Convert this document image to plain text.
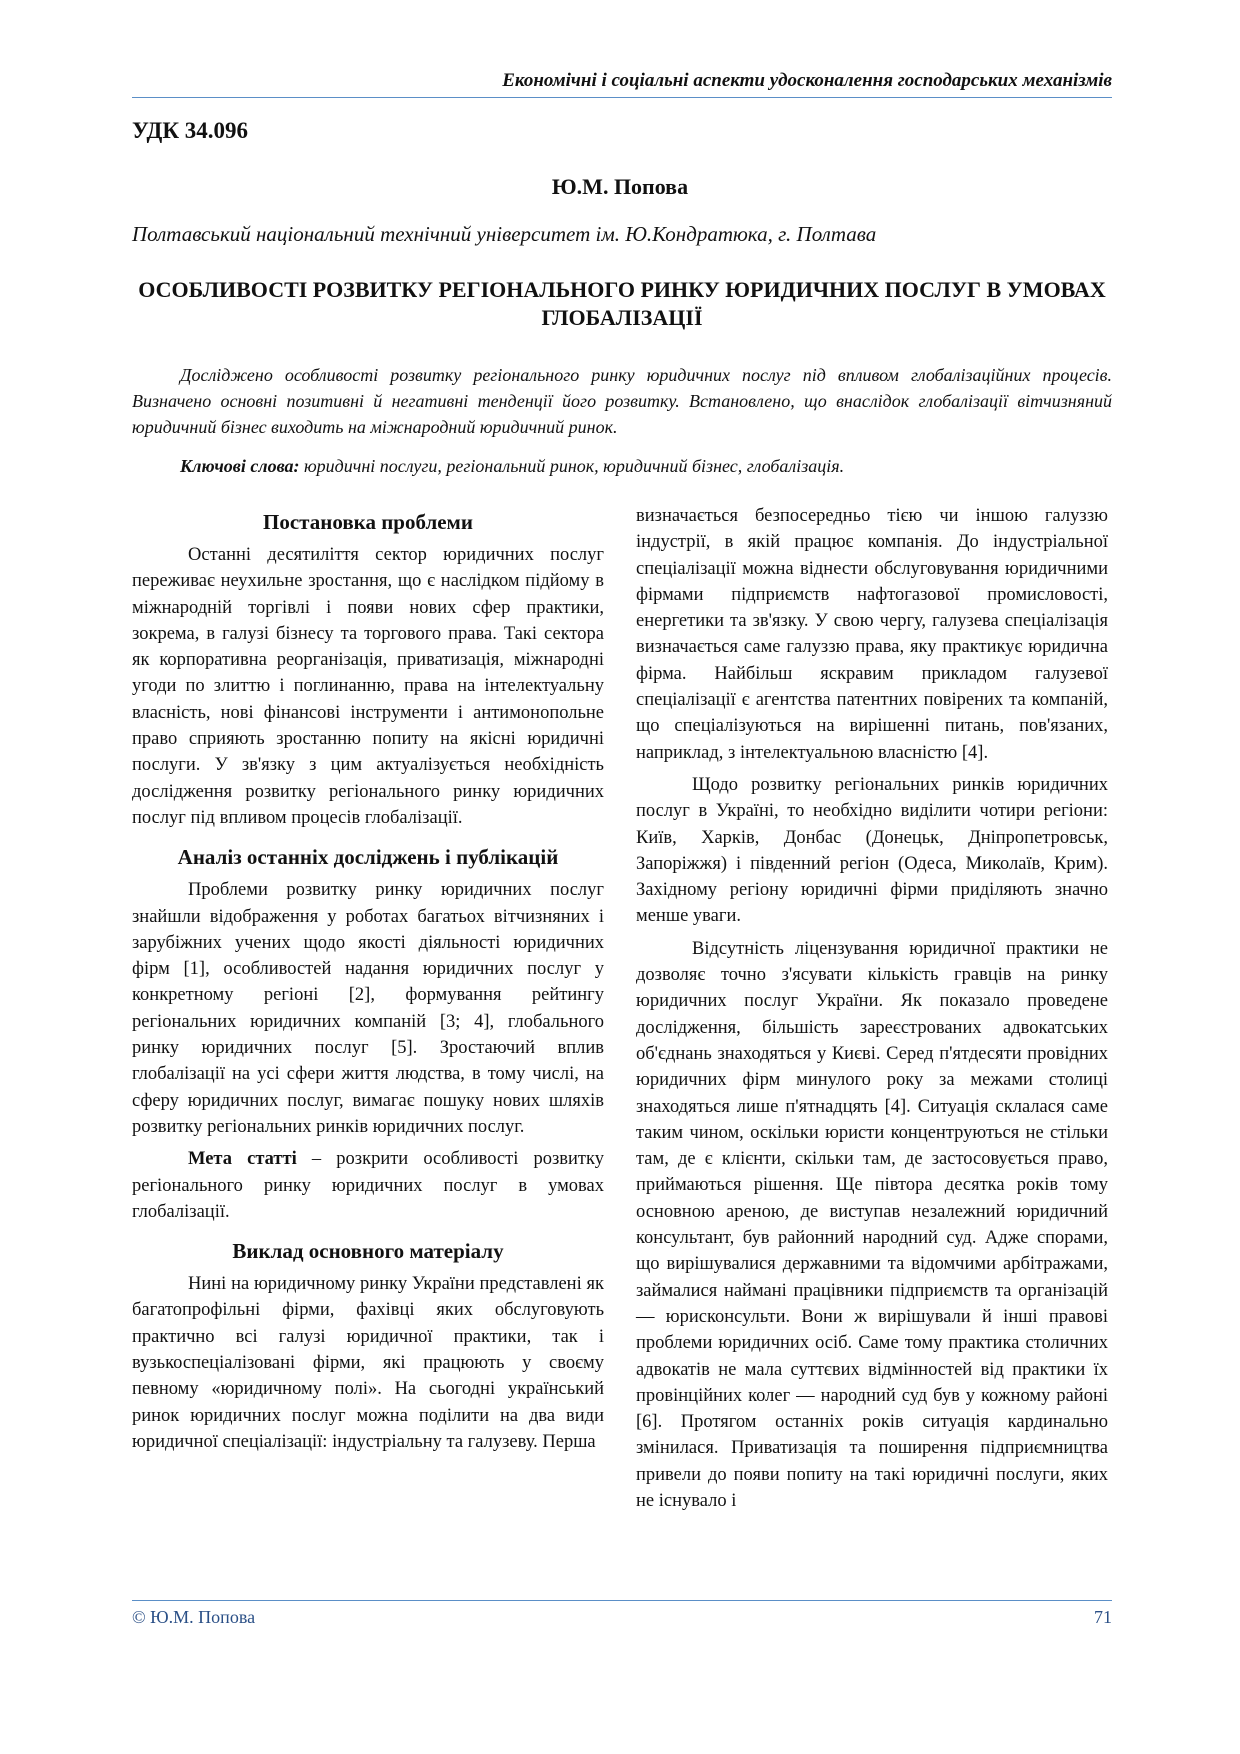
Економічні і соціальні аспекти удосконалення господарських механізмів
УДК 34.096
Ю.М. Попова
Полтавський національний технічний університет ім. Ю.Кондратюка, г. Полтава
ОСОБЛИВОСТІ РОЗВИТКУ РЕГІОНАЛЬНОГО РИНКУ ЮРИДИЧНИХ ПОСЛУГ В УМОВАХ ГЛОБАЛІЗАЦІЇ
Досліджено особливості розвитку регіонального ринку юридичних послуг під впливом глобалізаційних процесів. Визначено основні позитивні й негативні тенденції його розвитку. Встановлено, що внаслідок глобалізації вітчизняний юридичний бізнес виходить на міжнародний юридичний ринок.
Ключові слова: юридичні послуги, регіональний ринок, юридичний бізнес, глобалізація.
Постановка проблеми

Останні десятиліття сектор юридичних послуг переживає неухильне зростання, що є наслідком підйому в міжнародній торгівлі і появи нових сфер практики, зокрема, в галузі бізнесу та торгового права. Такі сектора як корпоративна реорганізація, приватизація, міжнародні угоди по злиттю і поглинанню, права на інтелектуальну власність, нові фінансові інструменти і антимонопольне право сприяють зростанню попиту на якісні юридичні послуги. У зв'язку з цим актуалізується необхідність дослідження розвитку регіонального ринку юридичних послуг під впливом процесів глобалізації.

Аналіз останніх досліджень і публікацій

Проблеми розвитку ринку юридичних послуг знайшли відображення у роботах багатьох вітчизняних і зарубіжних учених щодо якості діяльності юридичних фірм [1], особливостей надання юридичних послуг у конкретному регіоні [2], формування рейтингу регіональних юридичних компаній [3; 4], глобального ринку юридичних послуг [5]. Зростаючий вплив глобалізації на усі сфери життя людства, в тому числі, на сферу юридичних послуг, вимагає пошуку нових шляхів розвитку регіональних ринків юридичних послуг.

Мета статті – розкрити особливості розвитку регіонального ринку юридичних послуг в умовах глобалізації.

Виклад основного матеріалу

Нині на юридичному ринку України представлені як багатопрофільні фірми, фахівці яких обслуговують практично всі галузі юридичної практики, так і вузькоспеціалізовані фірми, які працюють у своєму певному «юридичному полі». На сьогодні український ринок юридичних послуг можна поділити на два види юридичної спеціалізації: індустріальну та галузеву. Перша

визначається безпосередньо тією чи іншою галуззю індустрії, в якій працює компанія. До індустріальної спеціалізації можна віднести обслуговування юридичними фірмами підприємств нафтогазової промисловості, енергетики та зв'язку. У свою чергу, галузева спеціалізація визначається саме галуззю права, яку практикує юридична фірма. Найбільш яскравим прикладом галузевої спеціалізації є агентства патентних повірених та компаній, що спеціалізуються на вирішенні питань, пов'язаних, наприклад, з інтелектуальною власністю [4].

Щодо розвитку регіональних ринків юридичних послуг в Україні, то необхідно виділити чотири регіони: Київ, Харків, Донбас (Донецьк, Дніпропетровськ, Запоріжжя) і південний регіон (Одеса, Миколаїв, Крим). Західному регіону юридичні фірми приділяють значно менше уваги.

Відсутність ліцензування юридичної практики не дозволяє точно з'ясувати кількість гравців на ринку юридичних послуг України. Як показало проведене дослідження, більшість зареєстрованих адвокатських об'єднань знаходяться у Києві. Серед п'ятдесяти провідних юридичних фірм минулого року за межами столиці знаходяться лише п'ятнадцять [4]. Ситуація склалася саме таким чином, оскільки юристи концентруються не стільки там, де є клієнти, скільки там, де застосовується право, приймаються рішення. Ще півтора десятка років тому основною ареною, де виступав незалежний юридичний консультант, був районний народний суд. Адже спорами, що вирішувалися державними та відомчими арбітражами, займалися наймані працівники підприємств та організацій — юрисконсульти. Вони ж вирішували й інші правові проблеми юридичних осіб. Саме тому практика столичних адвокатів не мала суттєвих відмінностей від практики їх провінційних колег — народний суд був у кожному районі [6]. Протягом останніх років ситуація кардинально змінилася. Приватизація та поширення підприємництва привели до появи попиту на такі юридичні послуги, яких не існувало і

© Ю.М. Попова	71
